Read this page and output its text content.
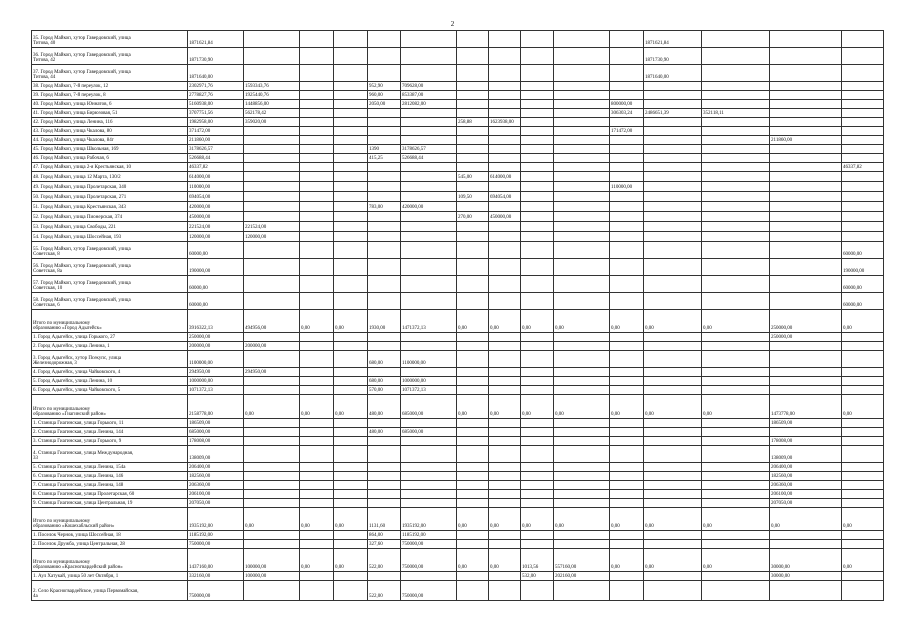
2
35. Город Майкоп, хутор Гавердовский, улица
Титова, 40	1871621,84											1871621,84			
36. Город Майкоп, хутор Гавердовский, улица
Титова, 42	1871730,90											1871730,90			
37. Город Майкоп, хутор Гавердовский, улица
Титова, 44	1871640,00											1871640,00			
38. Город Майкоп, 7-й переулок, 12	2302971,76	1593343,76			952,90	709628,00									
39. Город Майкоп, 7-й переулок, 8	2778827,76	1925440,76			960,00	853387,00									
40. Город Майкоп, улица Юннатов, 6	5160938,00	1448856,00			2050,00	2812082,00					800000,00				
41. Город Майкоп, улица Бирюзовая, 51	3707751,56	562178,42									306303,24	2486651,39	352118,11		
42. Город Майкоп, улица Ленина, 116	1982958,00	359020,00					258,88	1623938,00							
43. Город Майкоп, улица Чкалова, 80	371472,00										171472,00				
44. Город Майкоп, улица Чкалова, 84г	211860,00													211860,00	
45. Город Майкоп, улица Школьная, 169	3178626,57				1390	3178626,57									
46. Город Майкоп, улица Рабочая, 6	526688,44				415,25	526688,44									
47. Город Майкоп, улица 2-я Крестьянская, 10	46337,82														46337,82
48. Город Майкоп, улица 12 Марта, 130/2	614000,00						545,00	614000,00							
49. Город Майкоп, улица Пролетарская, 340	110000,00										110000,00				
50. Город Майкоп, улица Пролетарская, 271	694054,00						109,50	694054,00							
51. Город Майкоп, улица Крестьянская, 343	420000,00				783,00	420000,00									
52. Город Майкоп, улица Пионерская, 374	450000,00						270,00	450000,00							
53. Город Майкоп, улица Свободы, 221	221524,00	221524,00													
54. Город Майкоп, улица Шоссейная, 193	120000,00	120000,00													
55. Город Майкоп, хутор Гавердовский, улица
Советская, 8	60000,00														60000,00
56. Город Майкоп, хутор Гавердовский, улица
Советская, 8а	190000,00														190000,00
57. Город Майкоп, хутор Гавердовский, улица
Советская, 10	60000,00														60000,00
58. Город Майкоп, хутор Гавердовский, улица
Советская, 6	60000,00														60000,00
Итого по муниципальному
образованию «Город Адыгейск»	3916322,13	494956,00	0,00	0,00	1930,00	1471372,13	0,00	0,00	0,00	0,00	0,00	0,00	0,00	250000,00	0,00
1. Город Адыгейск, улица Горького, 27	250000,00													250000,00	
2. Город Адыгейск, улица Ленина, 1	200000,00	200000,00													
3. Город Адыгейск, хутор Псекупс, улица
Железнодорожная, 3	1100000,00				680,00	1100000,00									
4. Город Адыгейск, улица Чайковского, 4	294950,00	294950,00													
5. Город Адыгейск, улица Ленина, 10	1000000,00				680,00	1000000,00									
6. Город Адыгейск, улица Чайковского, 5	1071372,13				570,00	1071372,13									
Итого по муниципальному
образованию «Гиагинский район»	2158778,00	0,00	0,00	0,00	480,00	685000,00	0,00	0,00	0,00	0,00	0,00	0,00	0,00	1473778,00	0,00
1. Станица Гиагинская, улица Горького, 11	186509,00													186509,00	
2. Станица Гиагинская, улица Ленина, 144	685000,00				480,00	685000,00									
3. Станица Гиагинская, улица Горького, 9	178008,00													178008,00	
4. Станица Гиагинская, улица Международная,
33	138009,00													138009,00	
5. Станица Гиагинская, улица Ленина, 154а	206400,00													206400,00	
6. Станица Гиагинская, улица Ленина, 146	182560,00													182560,00	
7. Станица Гиагинская, улица Ленина, 148	206360,00													206360,00	
8. Станица Гиагинская, улица Пролетарская, 60	206100,00													206100,00	
9. Станица Гиагинская, улица Центральная, 19	207050,00													207050,00	
Итого по муниципальному
образованию «Кошехабльский район»	1935192,00	0,00	0,00	0,00	1131,60	1935192,00	0,00	0,00	0,00	0,00	0,00	0,00	0,00	0,00	0,00
1. Поселок Чернов, улица Шоссейная, 18	1185192,00				864,00	1185192,00									
2. Поселок Дружба, улица Центральная, 28	750000,00				327,60	750000,00									
Итого по муниципальному
образованию «Красногвардейский район»	1437160,00	100000,00	0,00	0,00	522,00	750000,00	0,00	0,00	1013,56	557160,00	0,00	0,00	0,00	30000,00	0,00
1. Аул Хатукай, улица 50 лет Октября, 1	332160,00	100000,00							532,00	202160,00				30000,00	
2. Село Красногвардейское, улица Первомайская,
4а	750000,00				522,00	750000,00									
